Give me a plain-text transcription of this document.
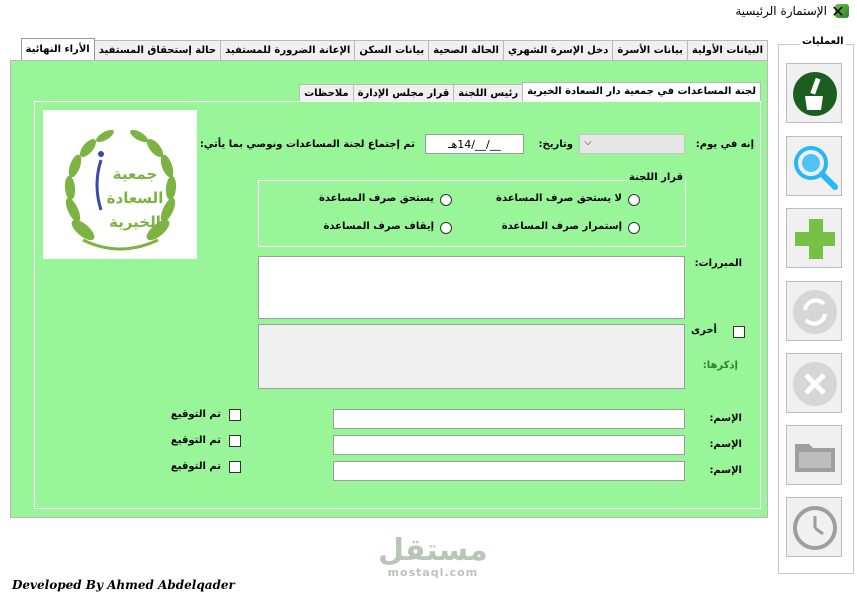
الإستمارة الرئيسية ✕
البيانات الأولية
بيانات الأسرة
دخل الإسرة الشهري
الحالة الصحية
بيانات السكن
الإعانة الضرورة للمستفيد
حالة إستحقاق المستفيد
الأراء النهائية
لجنة المساعدات في جمعية دار السعادة الخيرية
رئيس اللجنة
قرار مجلس الإدارة
ملاحظات
جمعية
السعادة
الخيرية
إنه في يوم:
⌵
وتاريخ:
__/__/14هـ
تم إجتماع لجنة المساعدات ونوصي بما يأتي:
قرار اللجنة
لا يستحق صرف المساعدة
يستحق صرف المساعدة
إستمرار صرف المساعدة
إيقاف صرف المساعدة
المبررات:
أخرى
إذكرها:
الإسم:
تم التوقيع
الإسم:
تم التوقيع
الإسم:
تم التوقيع
مستقل
mostaql.com
Developed By Ahmed Abdelqader
العمليات
